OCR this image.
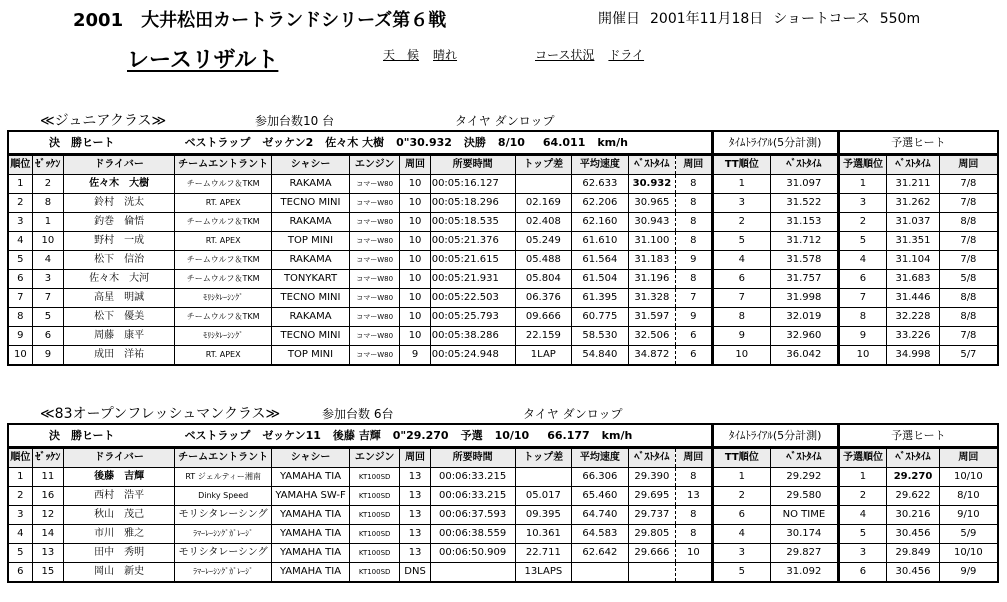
2001　大井松田カートランドシリーズ第６戦	開催日 2001年11月18日 ショートコース 550m
レースリザルト	天　候 晴れ	コース状況 ドライ
≪ジュニアクラス≫	参加台数10 台	タイヤ ダンロップ
決　勝ヒート ベストラップ ゼッケン2 佐々木 大樹 0"30.932 決勝 8/10 64.011 km/h												ﾀｲﾑﾄﾗｲｱﾙ(5分計測)		予選ヒート		
順位	ｾﾞｯｹﾝ	ドライバー	チームエントラント	シャシー	エンジン	周回	所要時間	トップ差	平均速度	ﾍﾞｽﾄﾀｲﾑ	周回	TT順位	ﾍﾞｽﾄﾀｲﾑ	予選順位	ﾍﾞｽﾄﾀｲﾑ	周回
1	2	佐々木　大樹	チームウルフ＆TKM	RAKAMA	コマーW80	10	00:05:16.127		62.633	30.932	8	1	31.097	1	31.211	7/8
2	8	鈴村　洸太	RT. APEX	TECNO MINI	コマーW80	10	00:05:18.296	02.169	62.206	30.965	8	3	31.522	3	31.262	7/8
3	1	釣巻　倫悟	チームウルフ＆TKM	RAKAMA	コマーW80	10	00:05:18.535	02.408	62.160	30.943	8	2	31.153	2	31.037	8/8
4	10	野村　一成	RT. APEX	TOP MINI	コマーW80	10	00:05:21.376	05.249	61.610	31.100	8	5	31.712	5	31.351	7/8
5	4	松下　信治	チームウルフ＆TKM	RAKAMA	コマーW80	10	00:05:21.615	05.488	61.564	31.183	9	4	31.578	4	31.104	7/8
6	3	佐々木　大河	チームウルフ＆TKM	TONYKART	コマーW80	10	00:05:21.931	05.804	61.504	31.196	8	6	31.757	6	31.683	5/8
7	7	高星　明誠	ﾓﾘｼﾀﾚｰｼﾝｸﾞ	TECNO MINI	コマーW80	10	00:05:22.503	06.376	61.395	31.328	7	7	31.998	7	31.446	8/8
8	5	松下　優美	チームウルフ＆TKM	RAKAMA	コマーW80	10	00:05:25.793	09.666	60.775	31.597	9	8	32.019	8	32.228	8/8
9	6	周藤　康平	ﾓﾘｼﾀﾚｰｼﾝｸﾞ	TECNO MINI	コマーW80	10	00:05:38.286	22.159	58.530	32.506	6	9	32.960	9	33.226	7/8
10	9	成田　洋祐	RT. APEX	TOP MINI	コマーW80	9	00:05:24.948	1LAP	54.840	34.872	6	10	36.042	10	34.998	5/7
≪83オープンフレッシュマンクラス≫	参加台数 6台	タイヤ ダンロップ
決　勝ヒート ベストラップ ゼッケン11 後藤 吉輝 0"29.270 予選 10/10 66.177 km/h												ﾀｲﾑﾄﾗｲｱﾙ(5分計測)		予選ヒート		
順位	ｾﾞｯｹﾝ	ドライバー	チームエントラント	シャシー	エンジン	周回	所要時間	トップ差	平均速度	ﾍﾞｽﾄﾀｲﾑ	周回	TT順位	ﾍﾞｽﾄﾀｲﾑ	予選順位	ﾍﾞｽﾄﾀｲﾑ	周回
1	11	後藤　吉輝	RT ジェルティー湘南	YAMAHA TIA	KT100SD	13	00:06:33.215		66.306	29.390	8	1	29.292	1	29.270	10/10
2	16	西村　浩平	Dinky Speed	YAMAHA SW-F	KT100SD	13	00:06:33.215	05.017	65.460	29.695	13	2	29.580	2	29.622	8/10
3	12	秋山　茂己	モリシタレーシング	YAMAHA TIA	KT100SD	13	00:06:37.593	09.395	64.740	29.737	8	6	NO TIME	4	30.216	9/10
4	14	市川　雅之	ﾗﾏｰﾚｰｼﾝｸﾞｶﾞﾚｰｼﾞ	YAMAHA TIA	KT100SD	13	00:06:38.559	10.361	64.583	29.805	8	4	30.174	5	30.456	5/9
5	13	田中　秀明	モリシタレーシング	YAMAHA TIA	KT100SD	13	00:06:50.909	22.711	62.642	29.666	10	3	29.827	3	29.849	10/10
6	15	岡山　新史	ﾗﾏｰﾚｰｼﾝｸﾞｶﾞﾚｰｼﾞ	YAMAHA TIA	KT100SD	DNS		13LAPS				5	31.092	6	30.456	9/9
